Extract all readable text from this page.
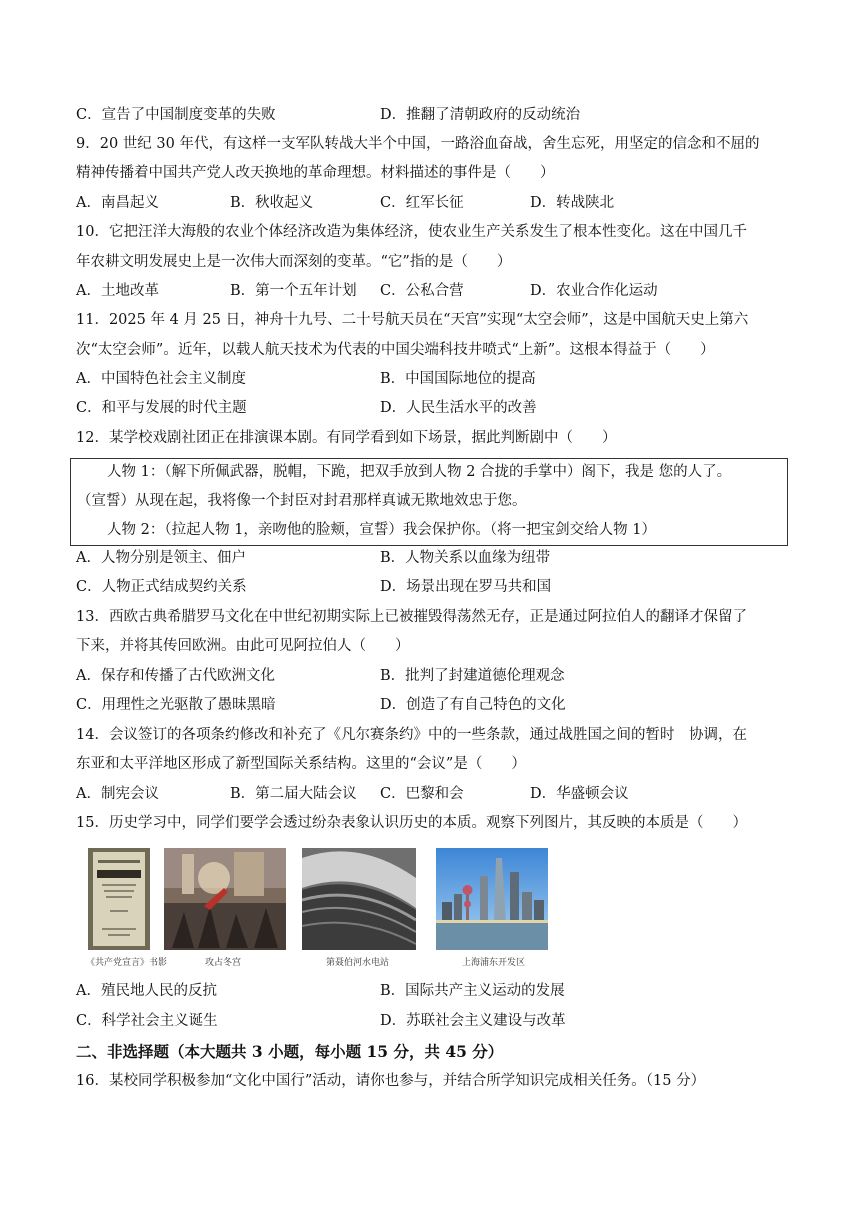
C．宣告了中国制度变革的失败	D．推翻了清朝政府的反动统治
9．20 世纪 30 年代，有这样一支军队转战大半个中国，一路浴血奋战，舍生忘死，用坚定的信念和不屈的
精神传播着中国共产党人改天换地的革命理想。材料描述的事件是（　　）
A．南昌起义	B．秋收起义	C．红军长征	D．转战陕北
10．它把汪洋大海般的农业个体经济改造为集体经济，使农业生产关系发生了根本性变化。这在中国几千
年农耕文明发展史上是一次伟大而深刻的变革。“它”指的是（　　）
A．土地改革	B．第一个五年计划 C．公私合营	D．农业合作化运动
11．2025 年 4 月 25 日，神舟十九号、二十号航天员在“天宫”实现“太空会师”，这是中国航天史上第六
次“太空会师”。近年，以载人航天技术为代表的中国尖端科技井喷式“上新”。这根本得益于（　　）
A．中国特色社会主义制度	B．中国国际地位的提高
C．和平与发展的时代主题	D．人民生活水平的改善
12．某学校戏剧社团正在排演课本剧。有同学看到如下场景，据此判断剧中（　　）
人物 1：（解下所佩武器，脱帽，下跪，把双手放到人物 2 合拢的手掌中）阁下，我是 您的人了。
（宣誓）从现在起，我将像一个封臣对封君那样真诚无欺地效忠于您。
人物 2：（拉起人物 1，亲吻他的脸颊，宣誓）我会保护你。（将一把宝剑交给人物 1）
A．人物分别是领主、佃户	B．人物关系以血缘为纽带
C．人物正式结成契约关系	D．场景出现在罗马共和国
13．西欧古典希腊罗马文化在中世纪初期实际上已被摧毁得荡然无存，正是通过阿拉伯人的翻译才保留了
下来，并将其传回欧洲。由此可见阿拉伯人（　　）
A．保存和传播了古代欧洲文化	B．批判了封建道德伦理观念
C．用理性之光驱散了愚昧黑暗	D．创造了有自己特色的文化
14．会议签订的各项条约修改和补充了《凡尔赛条约》中的一些条款，通过战胜国之间的暂时　协调，在
东亚和太平洋地区形成了新型国际关系结构。这里的“会议”是（　　）
A．制宪会议	B．第二届大陆会议 C．巴黎和会	D．华盛顿会议
15．历史学习中，同学们要学会透过纷杂表象认识历史的本质。观察下列图片，其反映的本质是（　　）
《共产党宣言》书影	攻占冬宫	第聂伯河水电站	上海浦东开发区
A．殖民地人民的反抗	B．国际共产主义运动的发展
C．科学社会主义诞生	D．苏联社会主义建设与改革
二、非选择题（本大题共 3 小题，每小题 15 分，共 45 分）
16．某校同学积极参加“文化中国行”活动，请你也参与，并结合所学知识完成相关任务。（15 分）
